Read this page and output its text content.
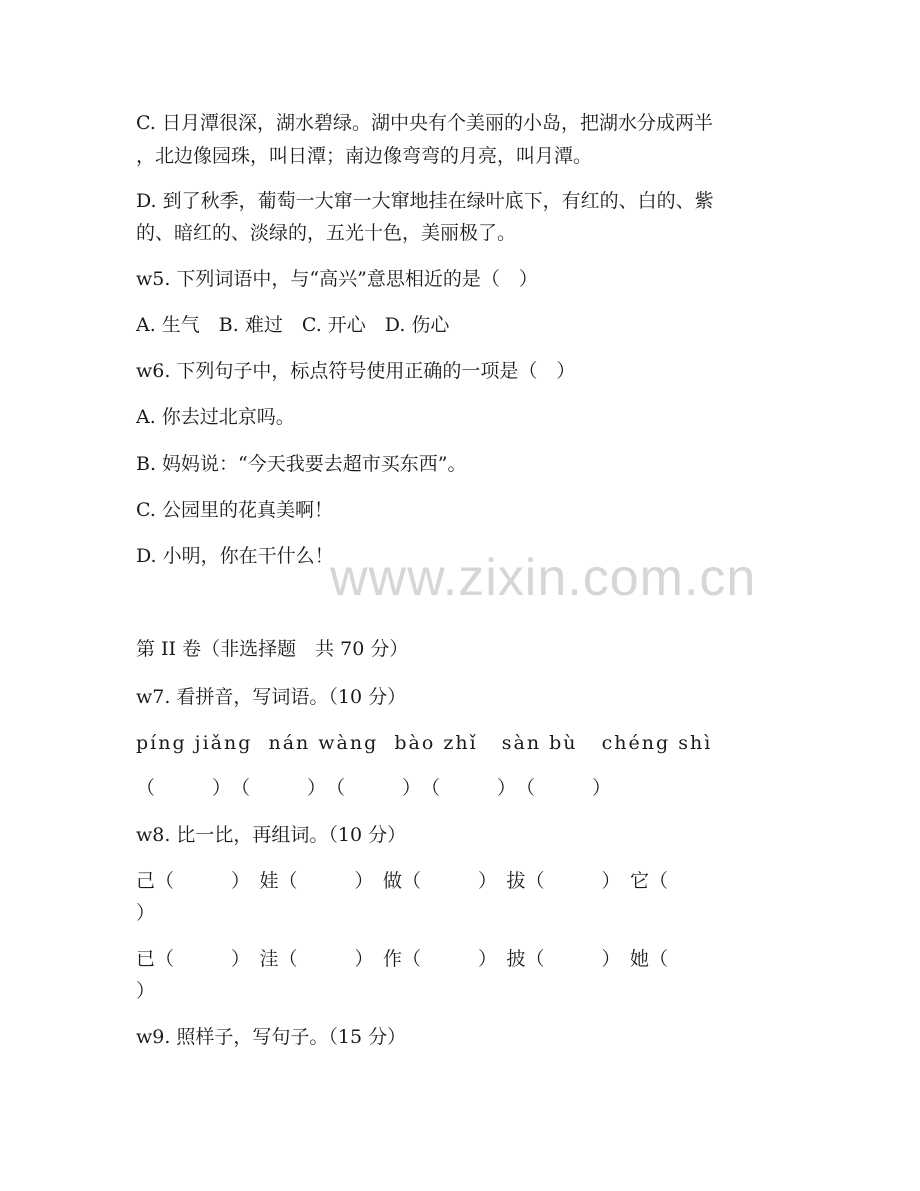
C. 日月潭很深，湖水碧绿。湖中央有个美丽的小岛，把湖水分成两半

，北边像园珠，叫日潭；南边像弯弯的月亮，叫月潭。

D. 到了秋季，葡萄一大窜一大窜地挂在绿叶底下，有红的、白的、紫

的、暗红的、淡绿的，五光十色，美丽极了。

w5. 下列词语中，与“高兴”意思相近的是（　）

A. 生气　B. 难过　C. 开心　D. 伤心

w6. 下列句子中，标点符号使用正确的一项是（　）

A. 你去过北京吗。

B. 妈妈说：“今天我要去超市买东西”。

C. 公园里的花真美啊！

D. 小明，你在干什么！

www.zixin.com.cn

第 II 卷（非选择题　共 70 分）

w7. 看拼音，写词语。（10 分）

píng jiǎng  nán wàng  bào zhǐ   sàn bù   chéng shì

（　　　）　（　　　）　（　　　）　（　　　）　（　　　）

w8. 比一比，再组词。（10 分）

己（　　　）　娃（　　　）　做（　　　）　拔（　　　）　它（

）

已（　　　）　洼（　　　）　作（　　　）　披（　　　）　她（

）

w9. 照样子，写句子。（15 分）
